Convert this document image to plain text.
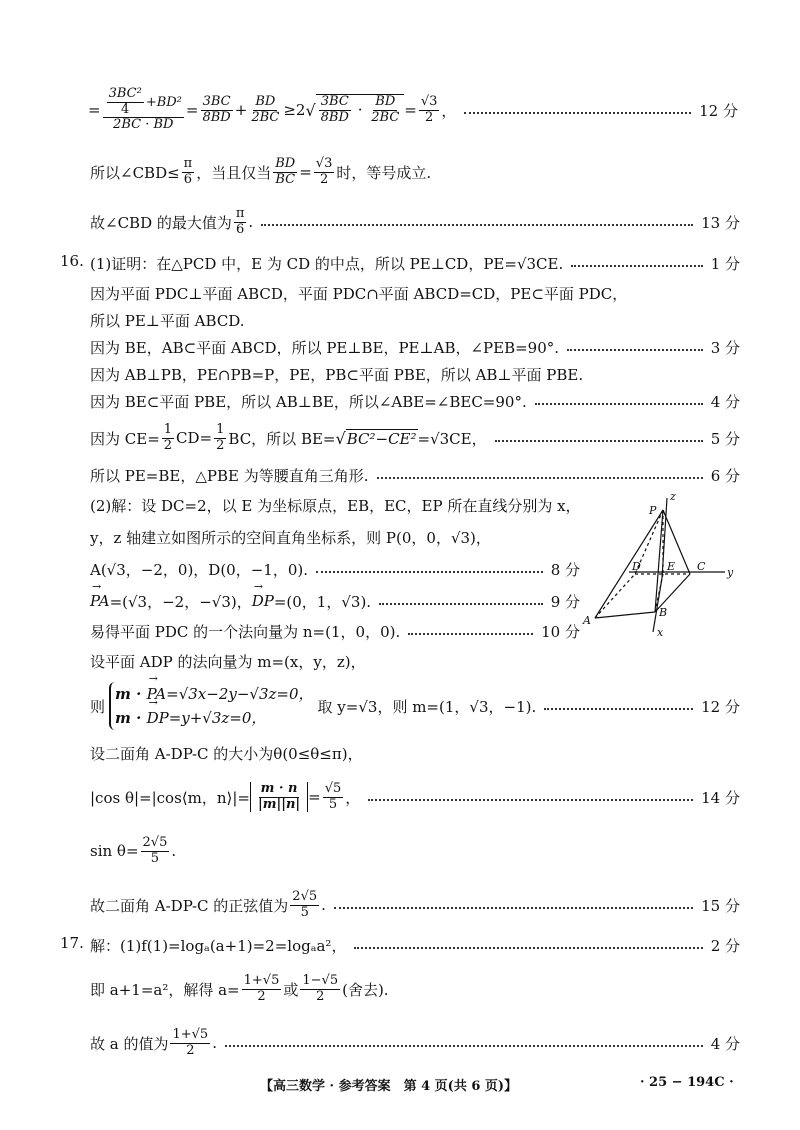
= $\frac{\frac{\text{3BC²}}{4} +BD^2}{2BC \cdot BD} = \frac{3BC}{8BD} + \frac{BD}{2BC} \ge 2$ √ $\frac{3BC}{8BD} \cdot \frac{BD}{2BC} = \frac{√3}{2}$ ，	12 分
所以∠CBD≤ $\frac{\pi}{6}$ ，当且仅当 $\frac{BD}{BC} = \frac{√3}{2}$ 时，等号成立.
故∠CBD 的最大值为 $\frac{\pi}{6}$ .	13 分
16. (1)证明：在△PCD 中，E 为 CD 的中点，所以 PE⊥CD，PE=√3CE.	1 分
因为平面 PDC⊥平面 ABCD，平面 PDC∩平面 ABCD=CD，PE⊂平面 PDC，
所以 PE⊥平面 ABCD.
因为 BE，AB⊂平面 ABCD，所以 PE⊥BE，PE⊥AB，∠PEB=90°.	3 分
因为 AB⊥PB，PE∩PB=P，PE，PB⊂平面 PBE，所以 AB⊥平面 PBE.
因为 BE⊂平面 PBE，所以 AB⊥BE，所以∠ABE=∠BEC=90°.	4 分
因为 $CE= \frac{1}{2} CD= \frac{1}{2}$ BC，所以 BE= √ BC²−CE² =√3CE，	5 分
所以 PE=BE，△PBE 为等腰直角三角形.	6 分
(2)解：设 DC=2，以 E 为坐标原点，EB，EC，EP 所在直线分别为 x，
y，z 轴建立如图所示的空间直角坐标系，则 P(0，0，√3)，
A(√3，−2，0)，D(0，−1，0).	8 分
→ PA =(√3，−2，−√3)，
→ DP =(0，1，√3).	9 分
易得平面 PDC 的一个法向量为 n=(1，0，0).	10 分
P
z
D E C y
A
B
x
设平面 ADP 的法向量为 m=(x，y，z)，
则
m · → PA=√3x−2y−√3z=0，
m · → DP=y+√3z=0，
取 y=√3，则 m=(1，√3，−1).	12 分
设二面角 A-DP-C 的大小为θ(0≤θ≤π)，
|cos θ|=|cos⟨m，n⟩|= $\frac{m \cdot n}{|m||n|} = \frac{√5}{5}$ ，	14 分
$\sin \theta= \frac{2√5}{5}$ .
故二面角 A-DP-C 的正弦值为 $\frac{2√5}{5}$ .	15 分
17. 解：(1)f(1)=logₐ(a+1)=2=logₐa²，	2 分
即 a+1=a²，解得 $a= \frac{1+√5}{2}$ 或 $\frac{1-√5}{2}$ (舍去).
故 a 的值为 $\frac{1+√5}{2}$ .	4 分
【高三数学 · 参考答案　第 4 页(共 6 页)】	· 25 − 194C ·
